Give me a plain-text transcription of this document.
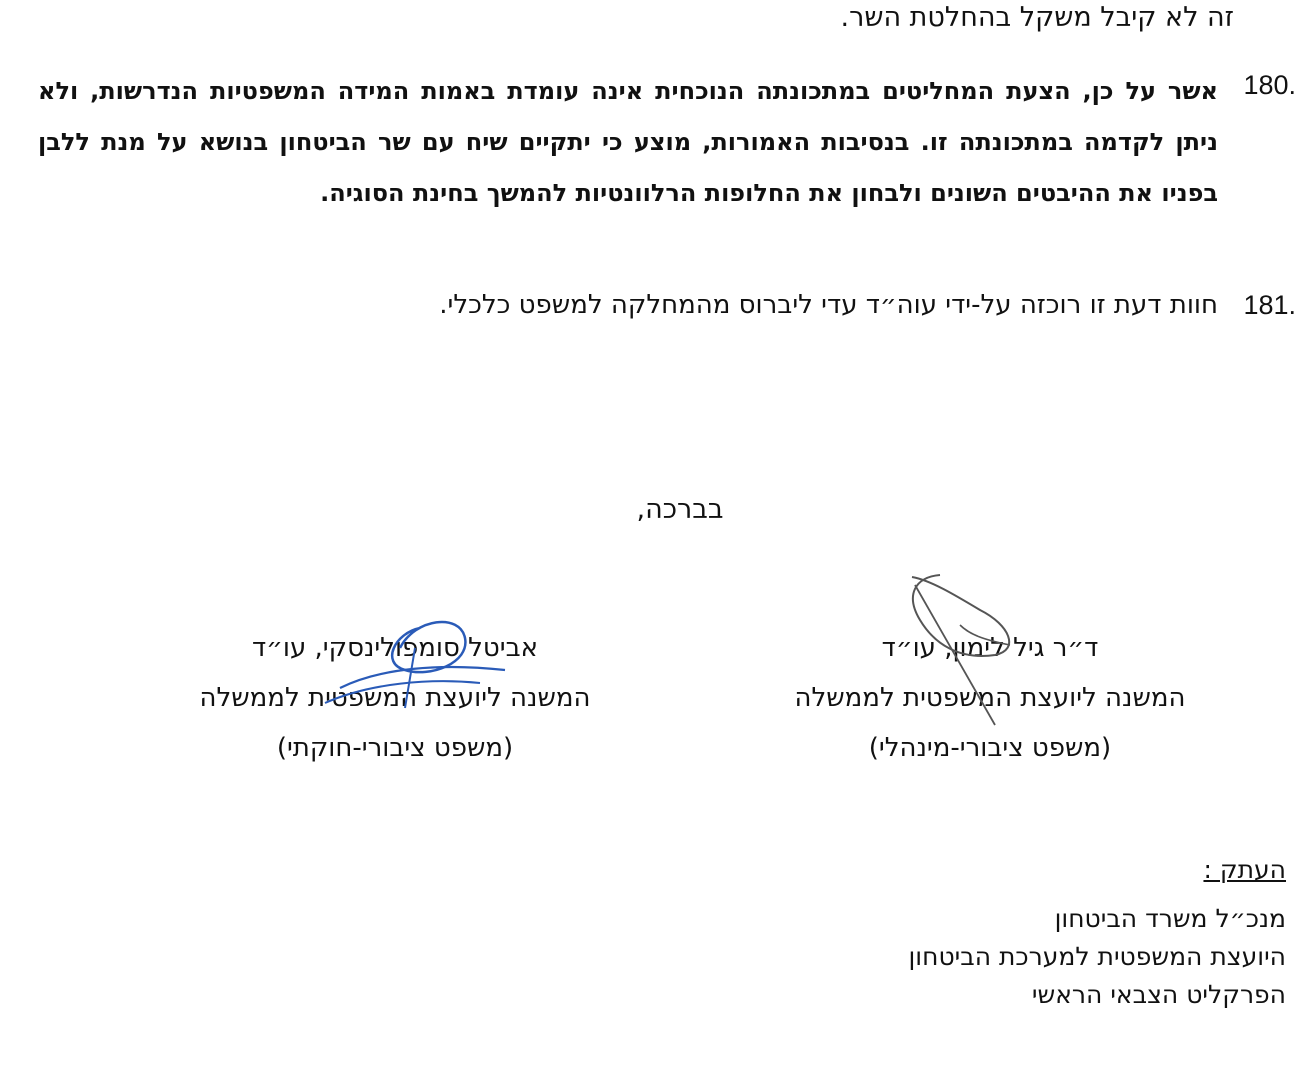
זה לא קיבל משקל בהחלטת השר.
180.
אשר על כן, הצעת המחליטים במתכונתה הנוכחית אינה עומדת באמות המידה המשפטיות הנדרשות, ולא ניתן לקדמה במתכונתה זו. בנסיבות האמורות, מוצע כי יתקיים שיח עם שר הביטחון בנושא על מנת ללבן בפניו את ההיבטים השונים ולבחון את החלופות הרלוונטיות להמשך בחינת הסוגיה.
181.
חוות דעת זו רוכזה על-ידי עוה״ד עדי ליברוס מהמחלקה למשפט כלכלי.
בברכה,
ד״ר גיל לימון, עו״ד
המשנה ליועצת המשפטית לממשלה
(משפט ציבורי-מינהלי)
אביטל סומפולינסקי, עו״ד
המשנה ליועצת המשפטית לממשלה
(משפט ציבורי-חוקתי)
העתק :
מנכ״ל משרד הביטחון
היועצת המשפטית למערכת הביטחון
הפרקליט הצבאי הראשי
